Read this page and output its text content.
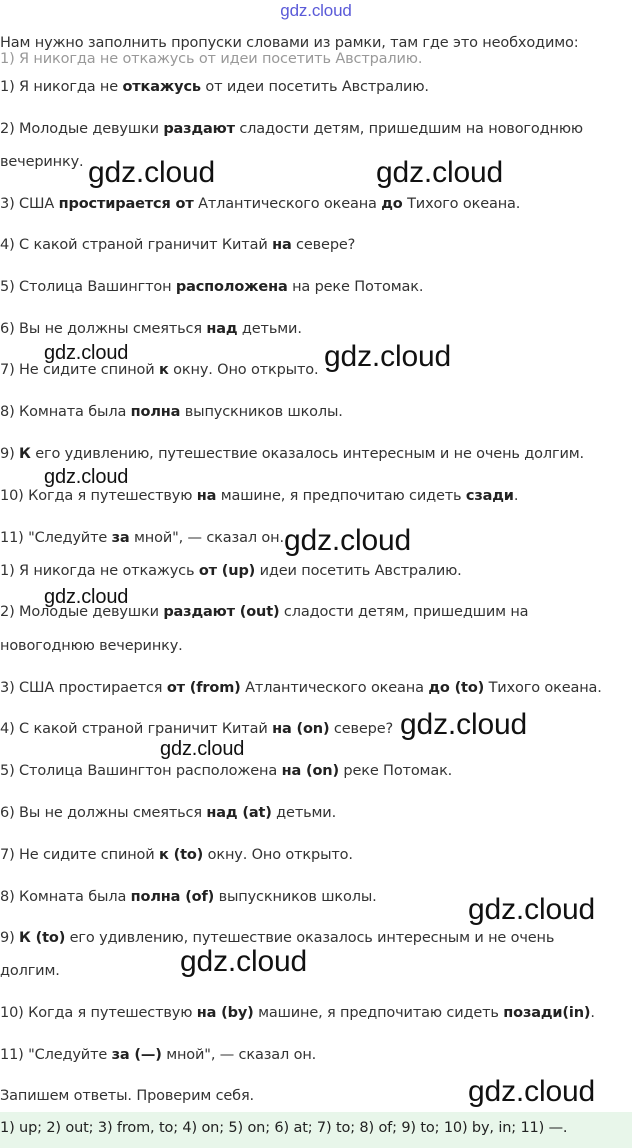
gdz.cloud
Нам нужно заполнить пропуски словами из рамки, там где это необходимо:
1) Я никогда не откажусь от идеи посетить Австралию.
1) Я никогда не откажусь от идеи посетить Австралию.
2) Молодые девушки раздают сладости детям, пришедшим на новогоднюю
вечеринку.
3) США простирается от Атлантического океана до Тихого океана.
4) С какой страной граничит Китай на севере?
5) Столица Вашингтон расположена на реке Потомак.
6) Вы не должны смеяться над детьми.
7) Не сидите спиной к окну. Оно открыто.
8) Комната была полна выпускников школы.
9) К его удивлению, путешествие оказалось интересным и не очень долгим.
10) Когда я путешествую на машине, я предпочитаю сидеть сзади.
11) "Следуйте за мной", — сказал он.
1) Я никогда не откажусь от (up) идеи посетить Австралию.
2) Молодые девушки раздают (out) сладости детям, пришедшим на
новогоднюю вечеринку.
3) США простирается от (from) Атлантического океана до (to) Тихого океана.
4) С какой страной граничит Китай на (on) севере?
5) Столица Вашингтон расположена на (on) реке Потомак.
6) Вы не должны смеяться над (at) детьми.
7) Не сидите спиной к (to) окну. Оно открыто.
8) Комната была полна (of) выпускников школы.
9) К (to) его удивлению, путешествие оказалось интересным и не очень
долгим.
10) Когда я путешествую на (by) машине, я предпочитаю сидеть позади(in).
11) "Следуйте за (—) мной", — сказал он.
Запишем ответы. Проверим себя.
1) up; 2) out; 3) from, to; 4) on; 5) on; 6) at; 7) to; 8) of; 9) to; 10) by, in; 11) —.
gdz.cloud	gdz.cloud
gdz.cloud	gdz.cloud
gdz.cloud
gdz.cloud
gdz.cloud
gdz.cloud
gdz.cloud
gdz.cloud
gdz.cloud
gdz.cloud
